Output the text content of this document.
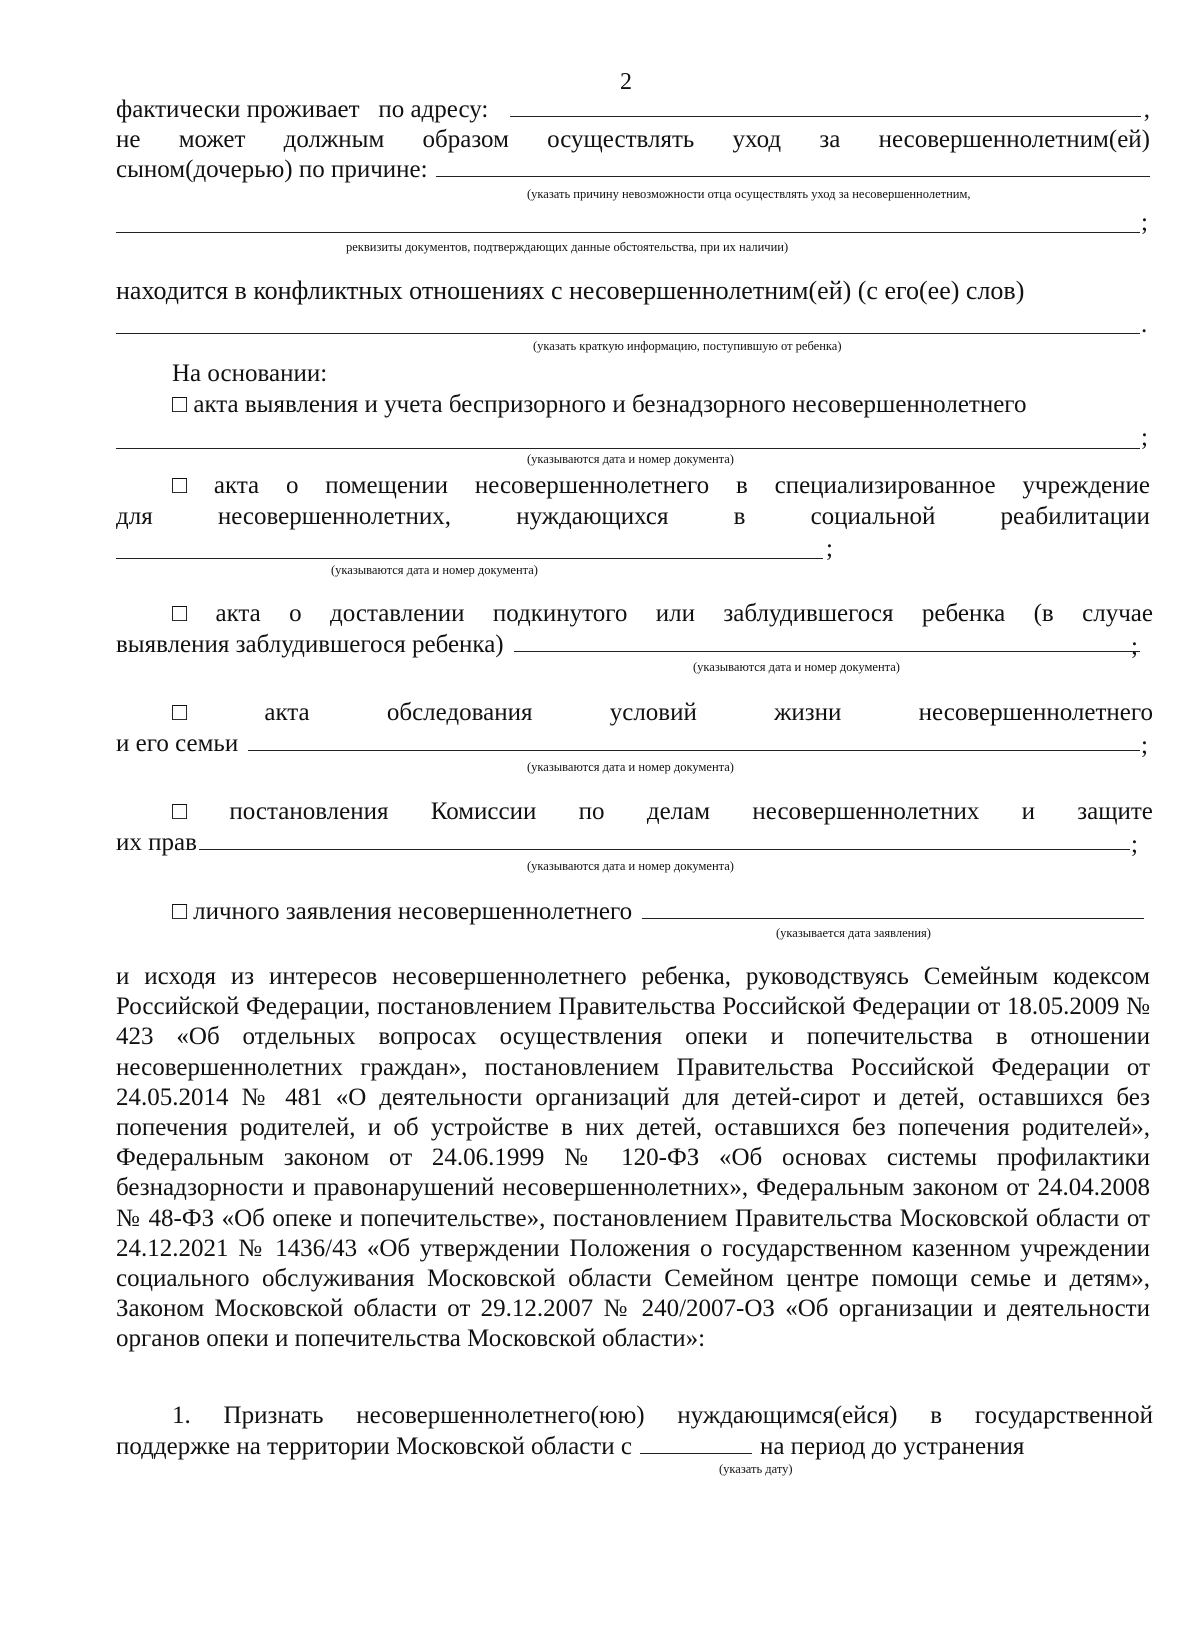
2
фактически проживает   по адресу:	,
не может должным образом осуществлять уход за несовершеннолетним(ей)
сыном(дочерью) по причине:
(указать причину невозможности отца осуществлять уход за несовершеннолетним,
;
реквизиты документов, подтверждающих данные обстоятельства, при их наличии)
находится в конфликтных отношениях с несовершеннолетним(ей) (с его(ее) слов)
.
(указать краткую информацию, поступившую от ребенка)
На основании:
□ акта выявления и учета беспризорного и безнадзорного несовершеннолетнего
;
(указываются дата и номер документа)
□ акта о помещении несовершеннолетнего в специализированное учреждение
для	несовершеннолетних,	нуждающихся	в	социальной	реабилитации
;
(указываются дата и номер документа)
□ акта о доставлении подкинутого или заблудившегося ребенка (в случае
выявления заблудившегося ребенка)	;
(указываются дата и номер документа)
□	акта	обследования	условий	жизни	несовершеннолетнего
и его семьи	;
(указываются дата и номер документа)
□ постановления Комиссии по делам несовершеннолетних и защите
их прав	;
(указываются дата и номер документа)
□ личного заявления несовершеннолетнего
(указывается дата заявления)
и исходя из интересов несовершеннолетнего ребенка, руководствуясь Семейным кодексом Российской Федерации, постановлением Правительства Российской Федерации от 18.05.2009 № 423 «Об отдельных вопросах осуществления опеки и попечительства в отношении несовершеннолетних граждан», постановлением Правительства Российской Федерации от 24.05.2014 № 481 «О деятельности организаций для детей-сирот и детей, оставшихся без попечения родителей, и об устройстве в них детей, оставшихся без попечения родителей», Федеральным законом от 24.06.1999 № 120-ФЗ «Об основах системы профилактики безнадзорности и правонарушений несовершеннолетних», Федеральным законом от 24.04.2008 № 48-ФЗ «Об опеке и попечительстве», постановлением Правительства Московской области от 24.12.2021 № 1436/43 «Об утверждении Положения о государственном казенном учреждении социального обслуживания Московской области Семейном центре помощи семье и детям», Законом Московской области от 29.12.2007 № 240/2007-ОЗ «Об организации и деятельности органов опеки и попечительства Московской области»:
1. Признать несовершеннолетнего(юю) нуждающимся(ейся) в государственной
поддержке на территории Московской области с	на период до устранения
(указать дату)
